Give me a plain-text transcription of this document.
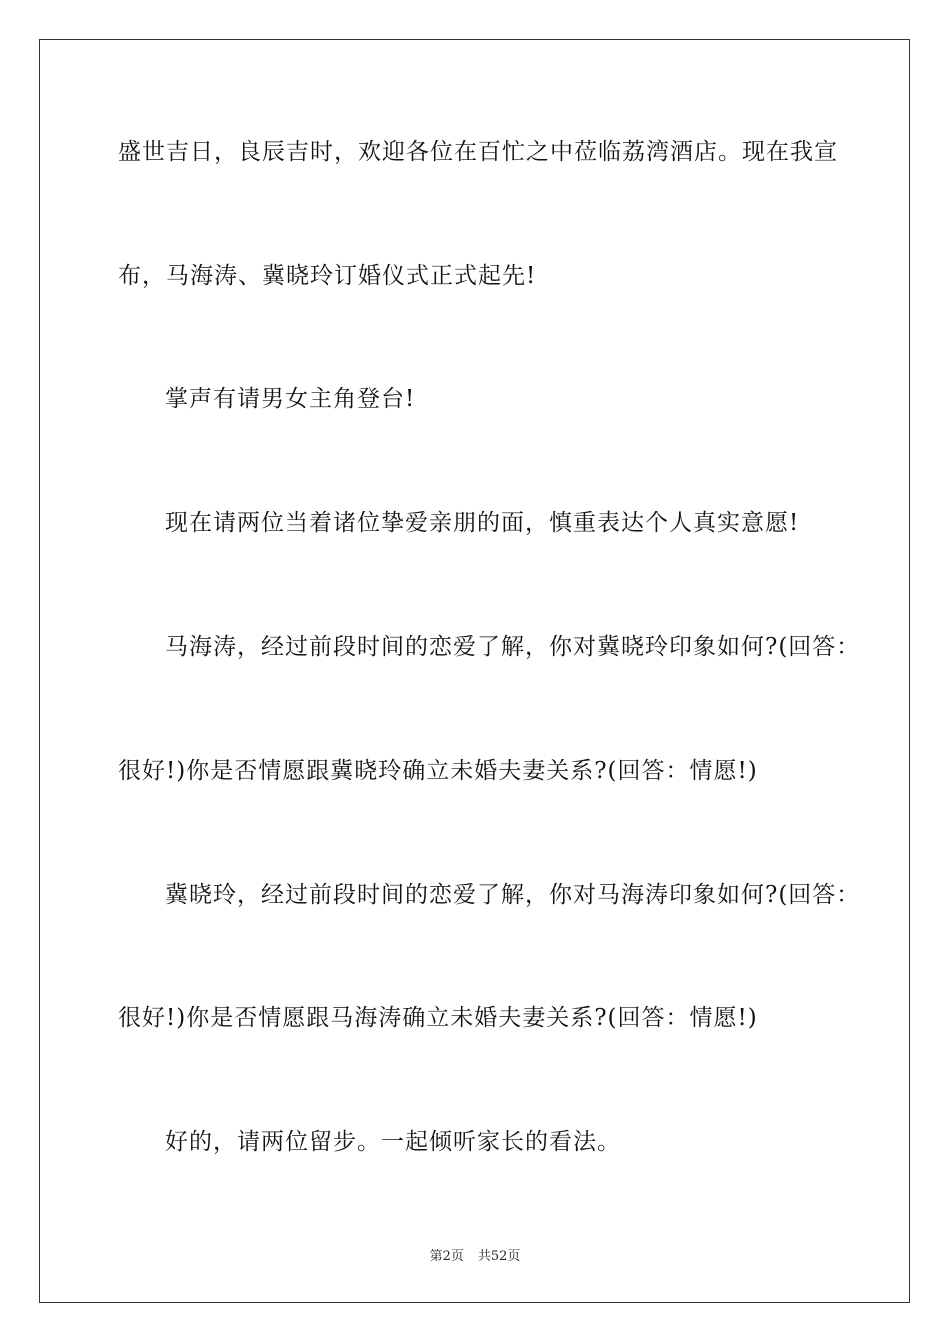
盛世吉日，良辰吉时，欢迎各位在百忙之中莅临荔湾酒店。现在我宣

布，马海涛、冀晓玲订婚仪式正式起先!

掌声有请男女主角登台!

现在请两位当着诸位挚爱亲朋的面，慎重表达个人真实意愿!

马海涛，经过前段时间的恋爱了解，你对冀晓玲印象如何?(回答：

很好!)你是否情愿跟冀晓玲确立未婚夫妻关系?(回答：情愿!)

冀晓玲，经过前段时间的恋爱了解，你对马海涛印象如何?(回答：

很好!)你是否情愿跟马海涛确立未婚夫妻关系?(回答：情愿!)

好的，请两位留步。一起倾听家长的看法。

第2页 共52页
